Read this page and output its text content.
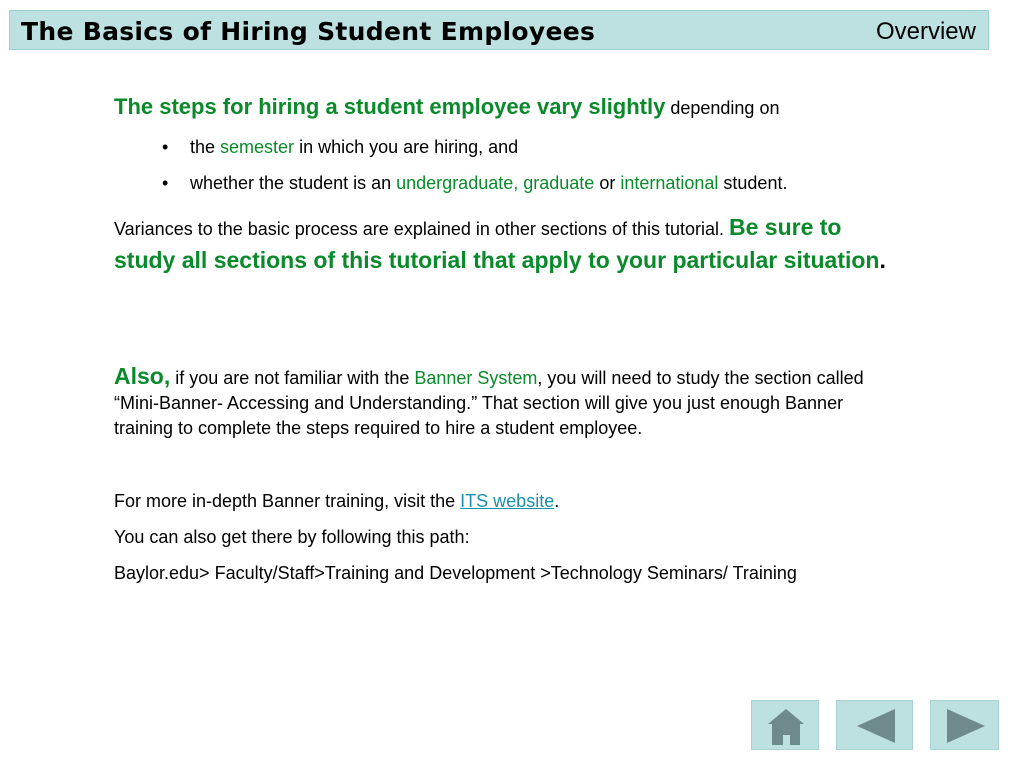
The Basics of Hiring Student Employees	Overview
The steps for hiring a student employee vary slightly depending on
• the semester in which you are hiring, and
• whether the student is an undergraduate, graduate or international student.
Variances to the basic process are explained in other sections of this tutorial. Be sure to study all sections of this tutorial that apply to your particular situation.
Also, if you are not familiar with the Banner System, you will need to study the section called “Mini-Banner- Accessing and Understanding.” That section will give you just enough Banner training to complete the steps required to hire a student employee.
For more in-depth Banner training, visit the ITS website.
You can also get there by following this path:
Baylor.edu> Faculty/Staff>Training and Development >Technology Seminars/ Training
